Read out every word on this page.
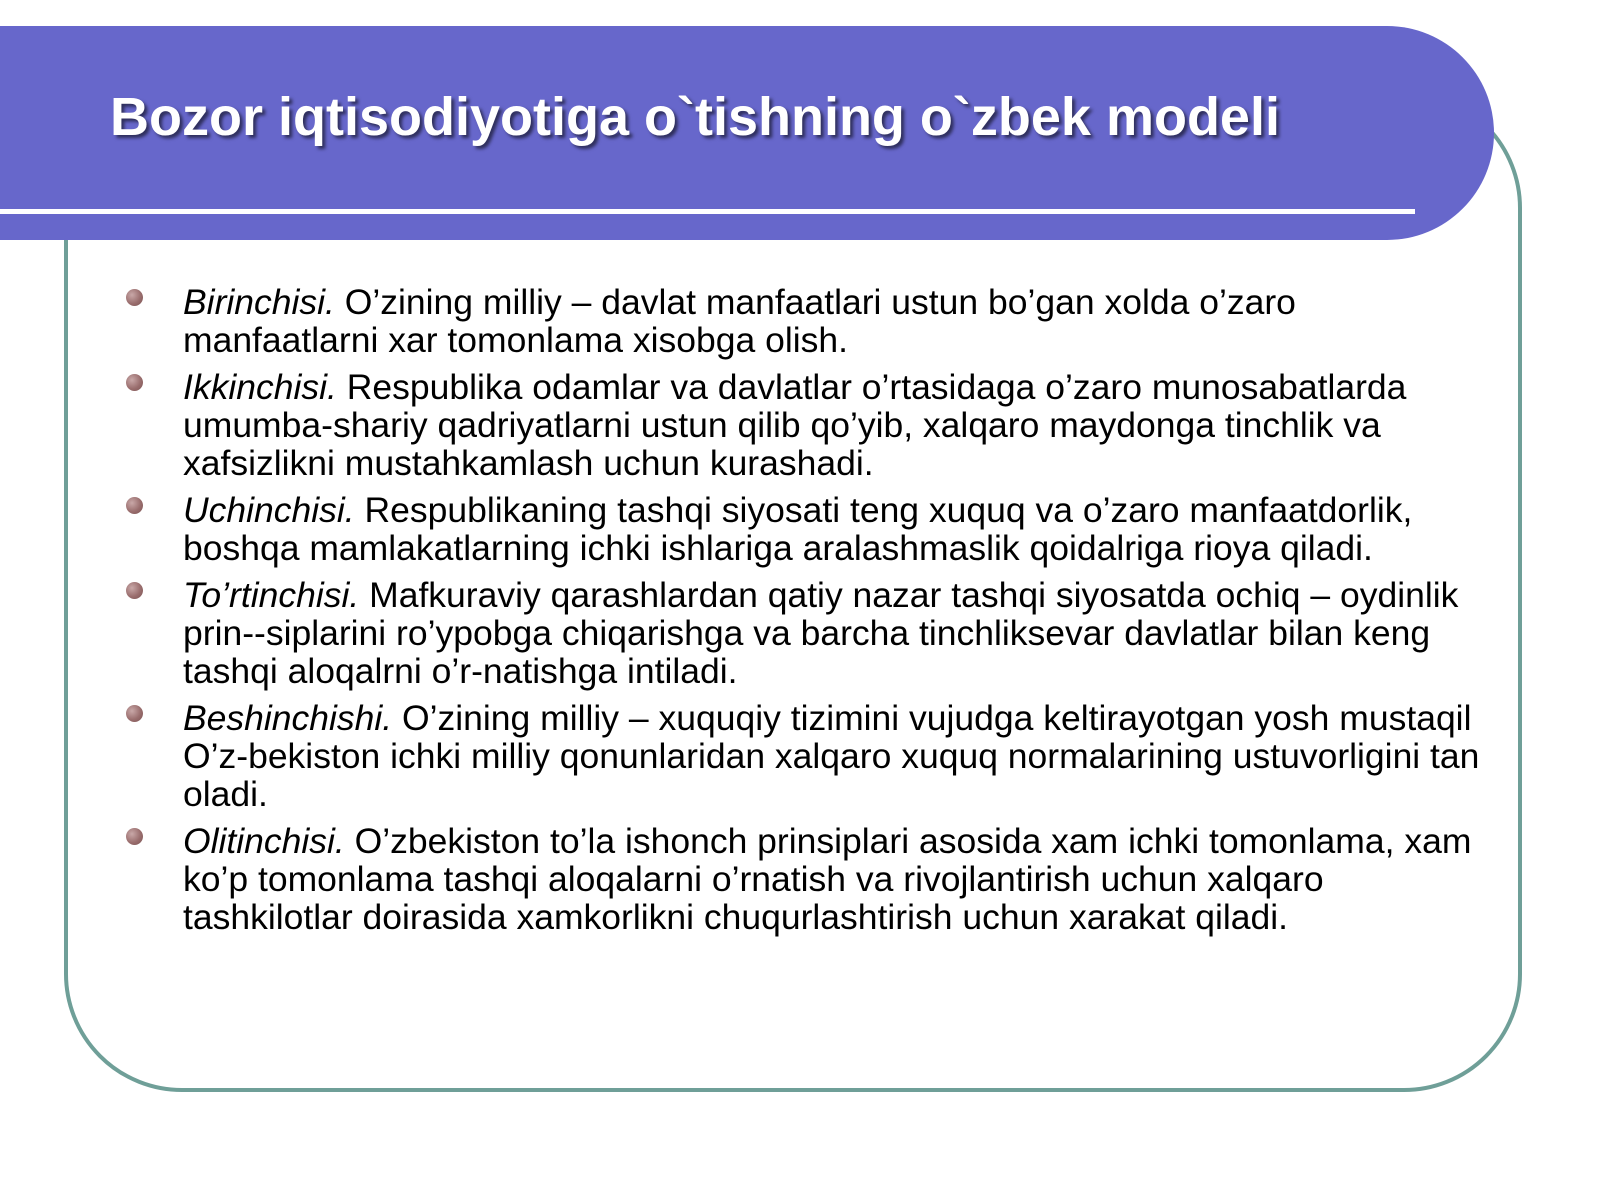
Bozor iqtisodiyotiga o`tishning o`zbek modeli
Birinchisi. O’zining milliy – davlat manfaatlari ustun bo’gan xolda o’zaro manfaatlarni xar tomonlama xisobga olish.
Ikkinchisi. Respublika odamlar va davlatlar o’rtasidagа o’zaro munosabatlarda umumba-shariy qadriyatlarni ustun qilib qo’yib, xalqaro maydonga tinchlik va xafsizlikni mustahkamlash uchun kurashadi.
Uchinchisi. Respublikaning tashqi siyosati teng xuquq va o’zaro manfaatdorlik, boshqa mamlakatlarning ichki ishlariga aralashmaslik qoidalriga rioya qiladi.
To’rtinchisi. Mafkuraviy qarashlardan qatiy nazar tashqi siyosatda ochiq – oydinlik prin--siplarini ro’ypobga chiqarishga va barcha tinchliksevar davlatlar bilan keng tashqi aloqalrni o’r-natishga intiladi.
Beshinchishi. O’zining milliy – xuquqiy tizimini vujudga keltirayotgan yosh mustaqil O’z-bekiston ichki milliy qonunlaridan xalqaro xuquq normalarining ustuvorligini tan oladi.
Olitinchisi. O’zbekiston to’la ishonch prinsiplari asosida xam ichki tomonlama, xam ko’p tomonlama tashqi aloqalarni o’rnatish va rivojlantirish uchun xalqaro tashkilotlar doirasida xamkorlikni chuqurlashtirish uchun xarakat qiladi.
